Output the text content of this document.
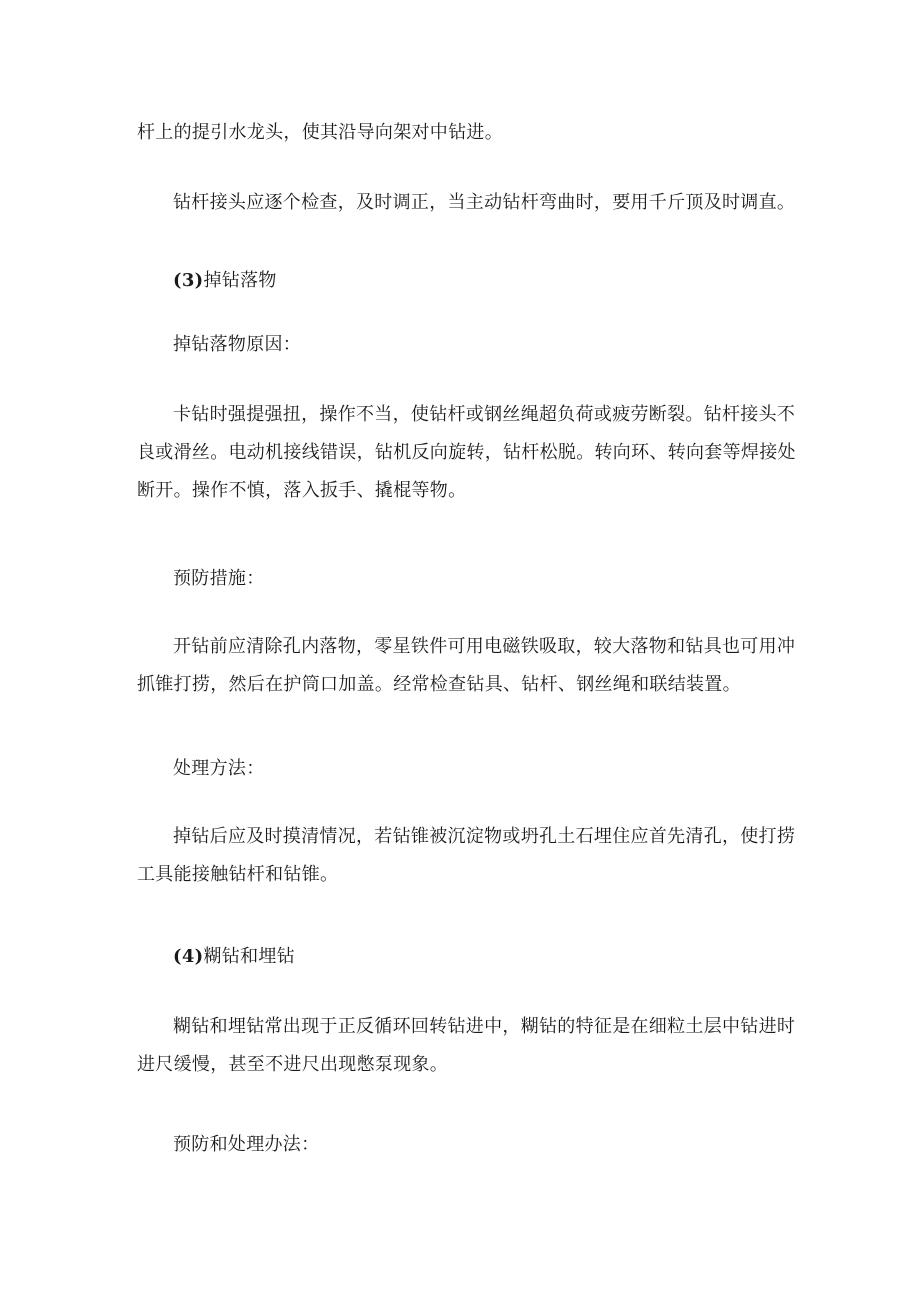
杆上的提引水龙头，使其沿导向架对中钻进。

钻杆接头应逐个检查，及时调正，当主动钻杆弯曲时，要用千斤顶及时调直。

(3)掉钻落物

掉钻落物原因：

卡钻时强提强扭，操作不当，使钻杆或钢丝绳超负荷或疲劳断裂。钻杆接头不良或滑丝。电动机接线错误，钻机反向旋转，钻杆松脱。转向环、转向套等焊接处断开。操作不慎，落入扳手、撬棍等物。

预防措施：

开钻前应清除孔内落物，零星铁件可用电磁铁吸取，较大落物和钻具也可用冲抓锥打捞，然后在护筒口加盖。经常检查钻具、钻杆、钢丝绳和联结装置。

处理方法：

掉钻后应及时摸清情况，若钻锥被沉淀物或坍孔土石埋住应首先清孔，使打捞工具能接触钻杆和钻锥。

(4)糊钻和埋钻

糊钻和埋钻常出现于正反循环回转钻进中，糊钻的特征是在细粒土层中钻进时进尺缓慢，甚至不进尺出现憋泵现象。

预防和处理办法：
